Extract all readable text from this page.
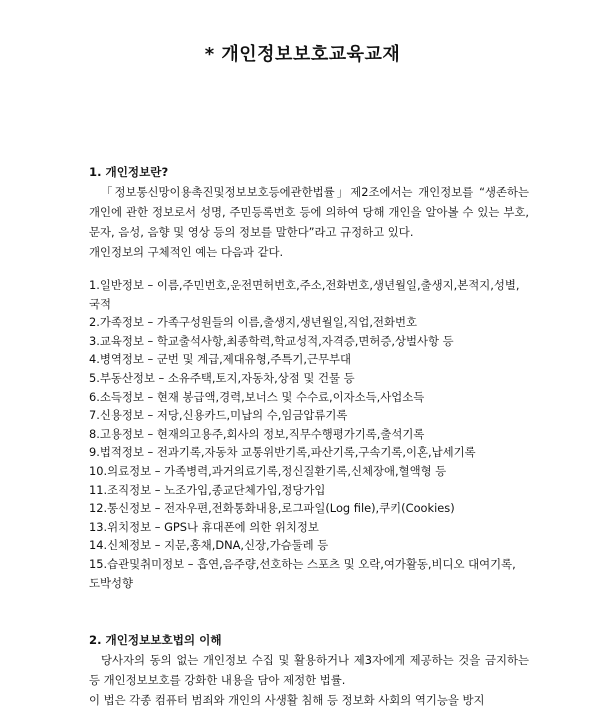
* 개인정보보호교육교재
1. 개인정보란?

「정보통신망이용촉진및정보보호등에관한법률」제2조에서는 개인정보를 “생존하는 개인에 관한 정보로서 성명, 주민등록번호 등에 의하여 당해 개인을 알아볼 수 있는 부호, 문자, 음성, 음향 및 영상 등의 정보를 말한다”라고 규정하고 있다.

개인정보의 구체적인 예는 다음과 같다.

1.일반정보 – 이름,주민번호,운전면허번호,주소,전화번호,생년월일,출생지,본적지,성별,국적
2.가족정보 – 가족구성원들의 이름,출생지,생년월일,직업,전화번호
3.교육정보 – 학교출석사항,최종학력,학교성적,자격증,면허증,상벌사항 등
4.병역정보 – 군번 및 계급,제대유형,주특기,근무부대
5.부동산정보 – 소유주택,토지,자동차,상점 및 건물 등
6.소득정보 – 현재 봉급액,경력,보너스 및 수수료,이자소득,사업소득
7.신용정보 – 저당,신용카드,미납의 수,임금압류기록
8.고용정보 – 현재의고용주,회사의 정보,직무수행평가기록,출석기록
9.법적정보 – 전과기록,자동차 교통위반기록,파산기록,구속기록,이혼,납세기록
10.의료정보 – 가족병력,과거의료기록,정신질환기록,신체장애,혈액형 등
11.조직정보 – 노조가입,종교단체가입,정당가입
12.통신정보 – 전자우편,전화통화내용,로그파일(Log file),쿠키(Cookies)
13.위치정보 – GPS나 휴대폰에 의한 위치정보
14.신체정보 – 지문,홍채,DNA,신장,가슴둘레 등
15.습관및취미정보 – 흡연,음주량,선호하는 스포츠 및 오락,여가활동,비디오 대여기록,도박성향
2. 개인정보보호법의 이해

당사자의 동의 없는 개인정보 수집 및 활용하거나 제3자에게 제공하는 것을 금지하는 등 개인정보보호를 강화한 내용을 담아 제정한 법률.

이 법은 각종 컴퓨터 범죄와 개인의 사생활 침해 등 정보화 사회의 역기능을 방지
